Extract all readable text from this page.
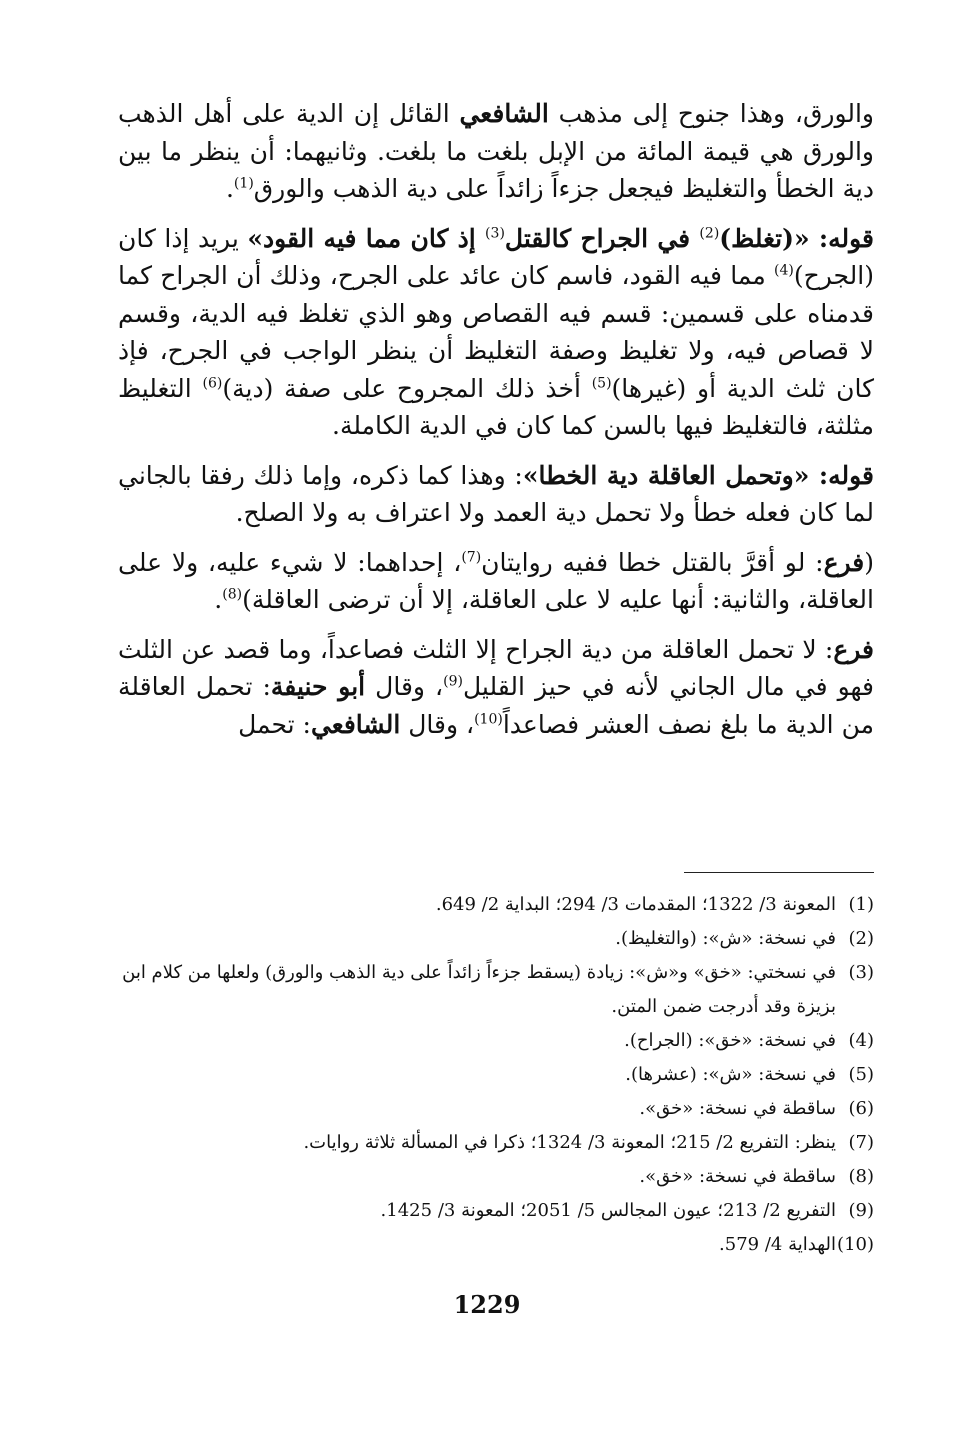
والورق، وهذا جنوح إلى مذهب الشافعي القائل إن الدية على أهل الذهب والورق هي قيمة المائة من الإبل بلغت ما بلغت. وثانيهما: أن ينظر ما بين دية الخطأ والتغليظ فيجعل جزءاً زائداً على دية الذهب والورق$^{(1)}$.

قوله: «(تغلظ)$^{(2)}$ في الجراح كالقتل$^{(3)}$ إذ كان مما فيه القود» يريد إذا كان (الجرح)$^{(4)}$ مما فيه القود، فاسم كان عائد على الجرح، وذلك أن الجراح كما قدمناه على قسمين: قسم فيه القصاص وهو الذي تغلظ فيه الدية، وقسم لا قصاص فيه، ولا تغليظ وصفة التغليظ أن ينظر الواجب في الجرح، فإذ كان ثلث الدية أو (غيرها)$^{(5)}$ أخذ ذلك المجروح على صفة (دية)$^{(6)}$ التغليظ مثلثة، فالتغليظ فيها بالسن كما كان في الدية الكاملة.

قوله: «وتحمل العاقلة دية الخطا»: وهذا كما ذكره، وإما ذلك رفقا بالجاني لما كان فعله خطأ ولا تحمل دية العمد ولا اعتراف به ولا الصلح.

(فرع: لو أقرَّ بالقتل خطا ففيه روايتان$^{(7)}$، إحداهما: لا شيء عليه، ولا على العاقلة، والثانية: أنها عليه لا على العاقلة، إلا أن ترضى العاقلة)$^{(8)}$.

فرع: لا تحمل العاقلة من دية الجراح إلا الثلث فصاعداً، وما قصد عن الثلث فهو في مال الجاني لأنه في حيز القليل$^{(9)}$، وقال أبو حنيفة: تحمل العاقلة من الدية ما بلغ نصف العشر فصاعداً$^{(10)}$، وقال الشافعي: تحمل

(1)
المعونة 3/ 1322؛ المقدمات 3/ 294؛ البداية 2/ 649.
(2)
في نسخة: «ش»: (والتغليظ).
(3)
في نسختي: «خق» و«ش»: زيادة (يسقط جزءاً زائداً على دية الذهب والورق) ولعلها من كلام ابن بزيزة وقد أدرجت ضمن المتن.
(4)
في نسخة: «خق»: (الجراح).
(5)
في نسخة: «ش»: (عشرها).
(6)
ساقطة في نسخة: «خق».
(7)
ينظر: التفريع 2/ 215؛ المعونة 3/ 1324؛ ذكرا في المسألة ثلاثة روايات.
(8)
ساقطة في نسخة: «خق».
(9)
التفريع 2/ 213؛ عيون المجالس 5/ 2051؛ المعونة 3/ 1425.
(10)
الهداية 4/ 579.
1229
